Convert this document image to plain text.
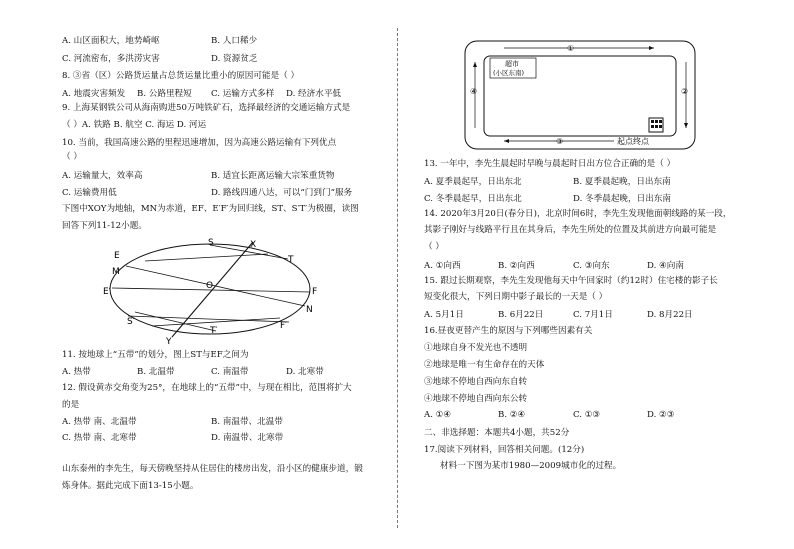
A. 山区面积大，地势崎岖	B. 人口稀少
C. 河流密布，多洪涝灾害	D. 资源贫乏
8. ③省（区）公路货运量占总货运量比重小的原因可能是（ ）
A. 地震灾害频发 B. 公路里程短 C. 运输方式多样 D. 经济水平低
9. 上海某钢铁公司从海南购进50万吨铁矿石，选择最经济的交通运输方式是
（ ）A. 铁路 B. 航空 C. 海运 D. 河运
10. 当前，我国高速公路的里程迅速增加，因为高速公路运输有下列优点
（ ）
A. 运输量大，效率高	B. 适宜长距离运输大宗笨重货物
C. 运输费用低	D. 路线四通八达，可以“门到门”服务
下图中XOY为地轴，MN为赤道，EF、E′F′为回归线，ST、S′T′为极圈，读图
回答下列11-12小题。
E
S	X
T
M
E′
O
F
N
S′
T′	F′
Y
11. 按地球上“五带”的划分，图上ST与EF之间为
A. 热带	B. 北温带	C. 南温带	D. 北寒带
12. 假设黄赤交角变为25°，在地球上的“五带”中，与现在相比，范围将扩大
的是
A. 热带 南、北温带	B. 南温带、北温带
C. 热带 南、北寒带	D. 南温带、北寒带
山东泰州的李先生，每天傍晚坚持从住居住的楼房出发，沿小区的健康步道，锻
炼身体。据此完成下面13-15小题。
①
②
③
④
超市
(小区东南)
起点终点
13. 一年中，李先生晨起时早晚与晨起时日出方位合正确的是（ ）
A. 夏季晨起早，日出东北	B. 夏季晨起晚，日出东南
C. 冬季晨起早，日出东北	D. 冬季晨起晚，日出东南
14. 2020年3月20日(春分日)，北京时间6时，李先生发现他面朝线路的某一段，
其影子刚好与线路平行且在其身后，李先生所处的位置及其前进方向最可能是
（ ）
A. ①向西	B. ②向西	C. ③向东	D. ④向南
15. 跟过长期观察，李先生发现他每天中午回家时（约12时）住宅楼的影子长
短变化很大，下列日期中影子最长的一天是（ ）
A. 5月1日	B. 6月22日	C. 7月1日	D. 8月22日
16.昼夜更替产生的原因与下列哪些因素有关
①地球自身不发光也不透明
②地球是唯一有生命存在的天体
③地球不停地自西向东自转
④地球不停地自西向东公转
A. ①④	B. ②④	C. ①③	D. ②③
二、非选择题：本题共4小题，共52分
17.阅读下列材料，回答相关问题。(12分)
材料一下图为某市1980—2009城市化的过程。
